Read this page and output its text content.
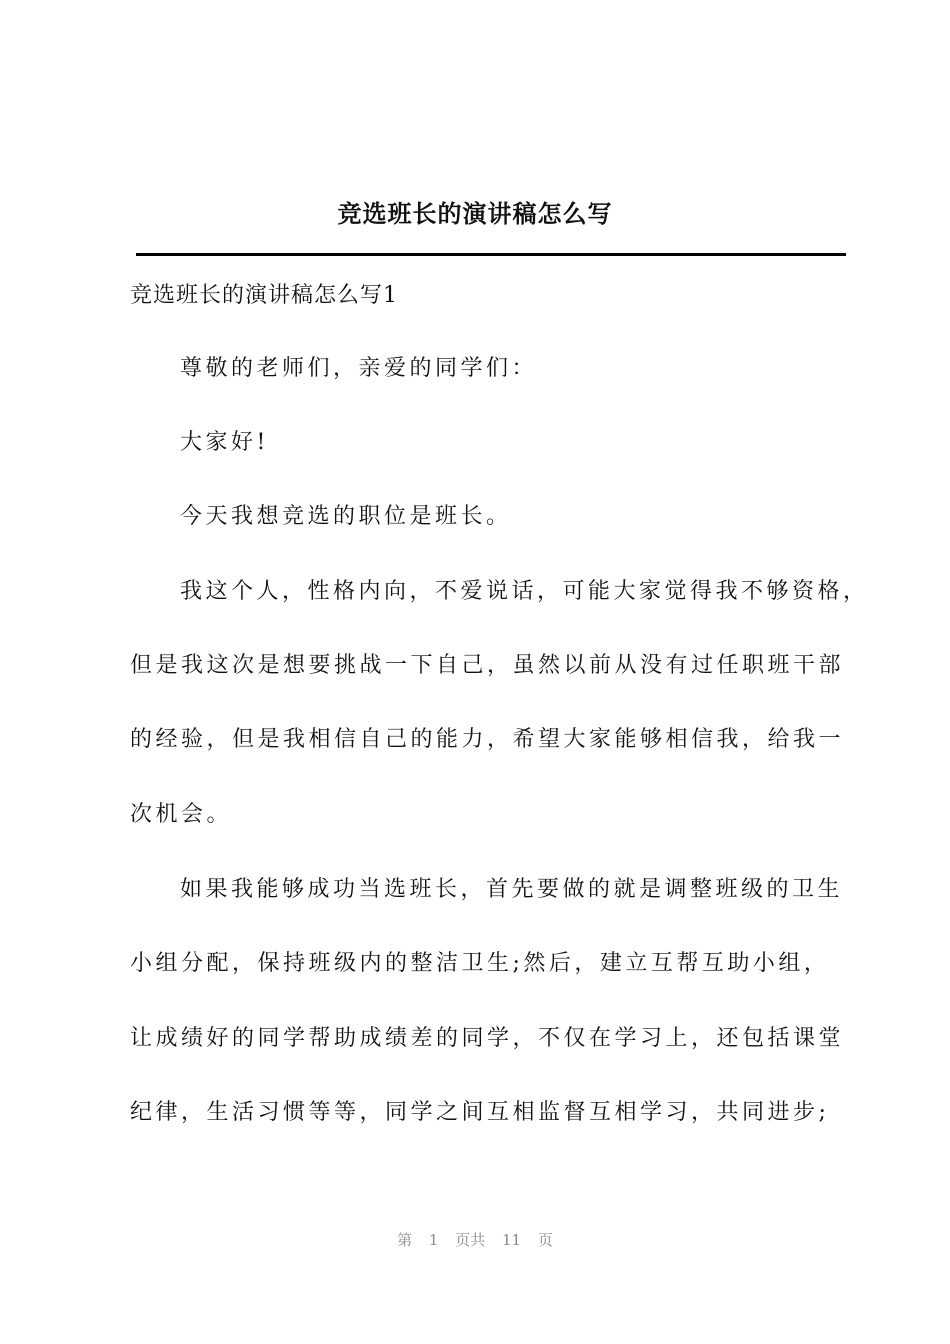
竞选班长的演讲稿怎么写
竞选班长的演讲稿怎么写1
尊敬的老师们，亲爱的同学们：
大家好!
今天我想竞选的职位是班长。
我这个人，性格内向，不爱说话，可能大家觉得我不够资格，
但是我这次是想要挑战一下自己，虽然以前从没有过任职班干部
的经验，但是我相信自己的能力，希望大家能够相信我，给我一
次机会。
如果我能够成功当选班长，首先要做的就是调整班级的卫生
小组分配，保持班级内的整洁卫生;然后，建立互帮互助小组，
让成绩好的同学帮助成绩差的同学，不仅在学习上，还包括课堂
纪律，生活习惯等等，同学之间互相监督互相学习，共同进步;
第 1 页共 11 页
